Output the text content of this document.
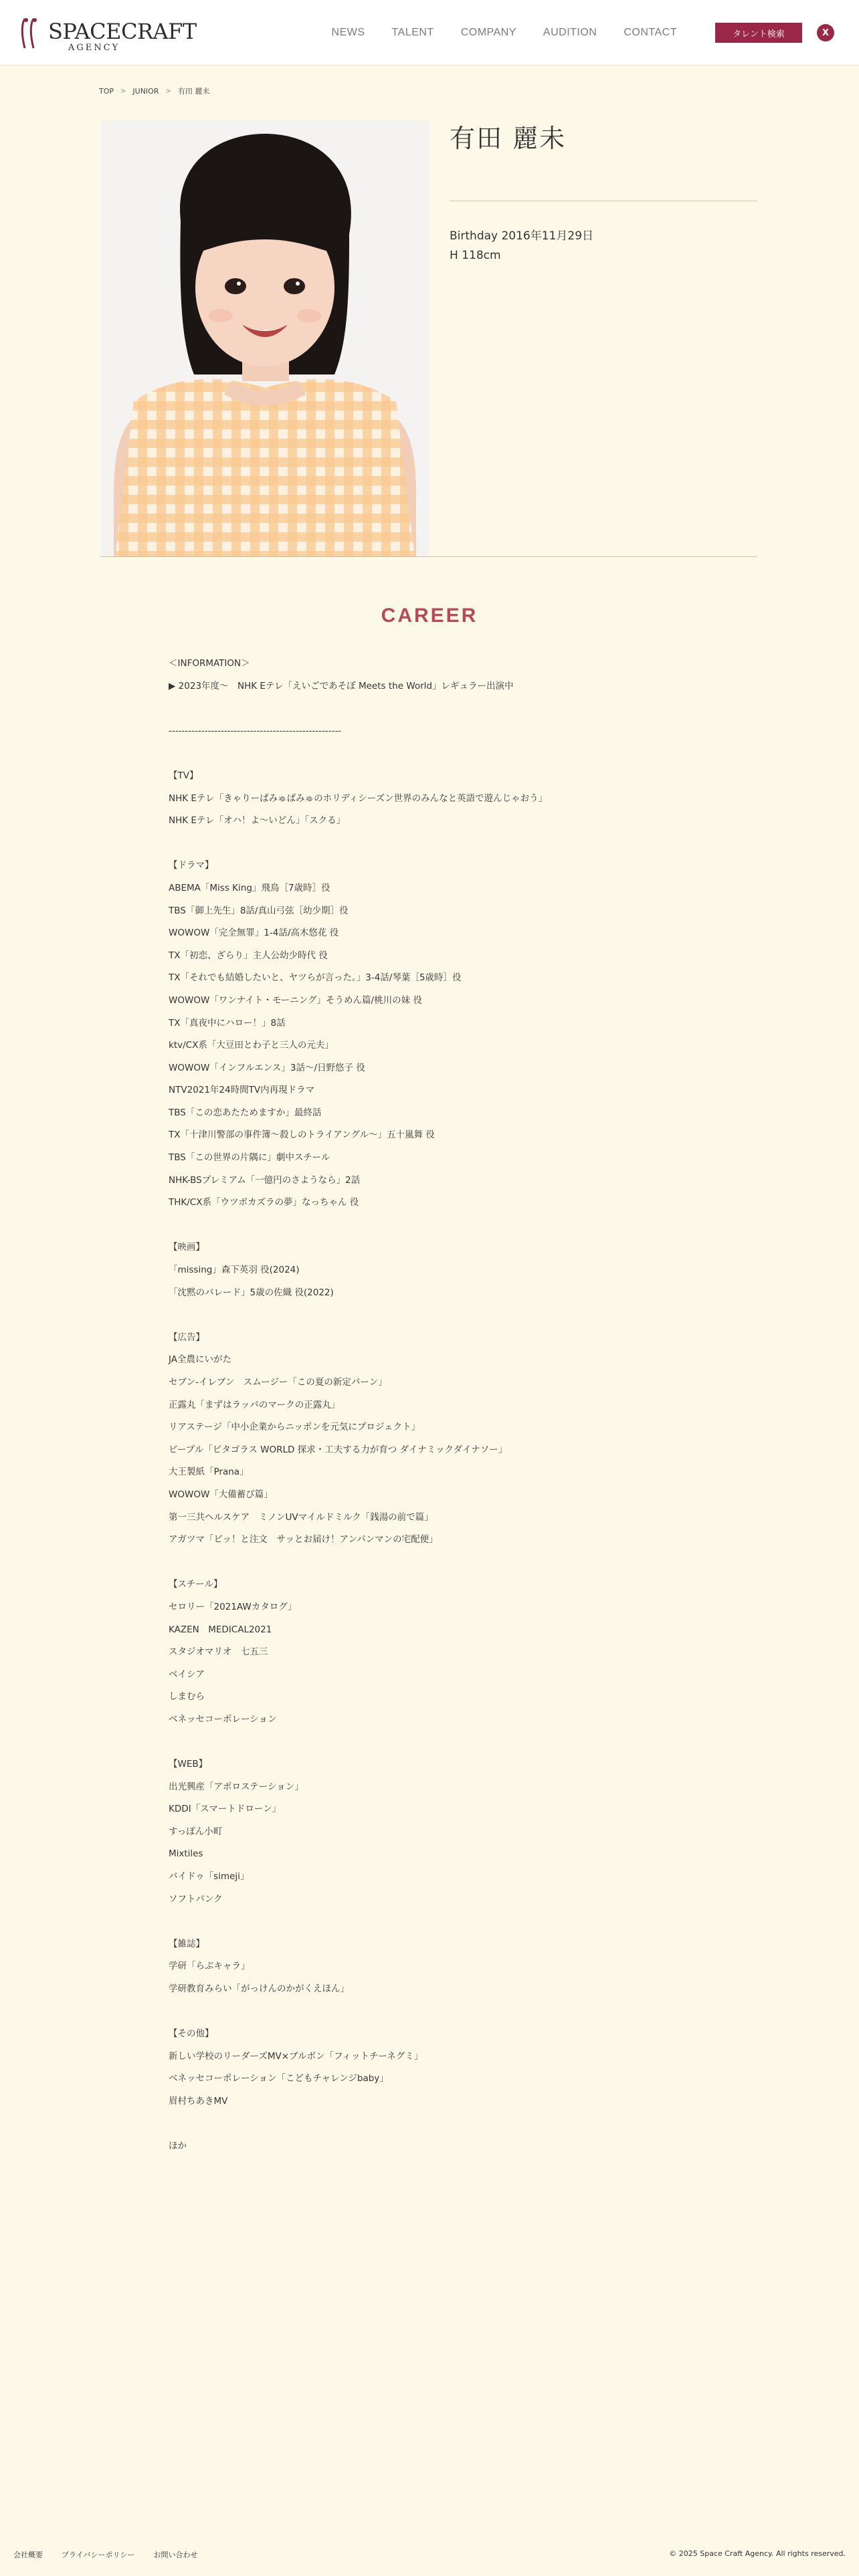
SPACECRAFT
AGENCY
NEWS	TALENT	COMPANY	AUDITION	CONTACT	タレント検索	X
TOP > JUNIOR > 有田 麗未
有田 麗未
Birthday 2016年11月29日
H 118cm
CAREER
＜INFORMATION＞
▶ 2023年度〜　NHK Eテレ「えいごであそぼ Meets the World」レギュラー出演中
-----------------------------------------------------
【TV】
NHK Eテレ「きゃりーぱみゅぱみゅのホリディシーズン世界のみんなと英語で遊んじゃおう」
NHK Eテレ「オハ！よ〜いどん」「スクる」
【ドラマ】
ABEMA「Miss King」飛鳥［7歳時］役
TBS「御上先生」8話/真山弓弦［幼少期］役
WOWOW「完全無罪」1-4話/高木悠花 役
TX「初恋、ざらり」主人公幼少時代 役
TX「それでも結婚したいと、ヤツらが言った。」3-4話/琴葉［5歳時］役
WOWOW「ワンナイト・モーニング」そうめん篇/桃川の妹 役
TX「真夜中にハロー！」8話
ktv/CX系「大豆田とわ子と三人の元夫」
WOWOW「インフルエンス」3話〜/日野悠子 役
NTV2021年24時間TV内再現ドラマ
TBS「この恋あたためますか」最終話
TX「十津川警部の事件簿〜殺しのトライアングル〜」五十嵐舞 役
TBS「この世界の片隅に」劇中スチール
NHK-BSプレミアム「一億円のさようなら」2話
THK/CX系「ウツボカズラの夢」なっちゃん 役
【映画】
「missing」森下英羽 役(2024)
「沈黙のパレード」5歳の佐織 役(2022)
【広告】
JA全農にいがた
セブン-イレブン　スムージー「この夏の新定バーン」
正露丸「まずはラッパのマークの正露丸」
リアステージ「中小企業からニッポンを元気にプロジェクト」
ピープル「ピタゴラス WORLD 探求・工夫する力が育つ ダイナミックダイナソー」
大王製紙「Prana」
WOWOW「大備蓄び篇」
第一三共ヘルスケア　ミノンUVマイルドミルク「銭湯の前で篇」
アガツマ「ピッ！と注文　サッとお届け！アンパンマンの宅配便」
【スチール】
セロリー「2021AWカタログ」
KAZEN　MEDICAL2021
スタジオマリオ　七五三
ベイシア
しまむら
ベネッセコーポレーション
【WEB】
出光興産「アポロステーション」
KDDI「スマートドローン」
すっぽん小町
Mixtiles
バイドゥ「simeji」
ソフトバンク
【雑誌】
学研「らぶキャラ」
学研教育みらい「がっけんのかがくえほん」
【その他】
新しい学校のリーダーズMV×ブルボン「フィットチーネグミ」
ベネッセコーポレーション「こどもチャレンジbaby」
眉村ちあきMV
ほか
会社概要	プライバシーポリシー	お問い合わせ	© 2025 Space Craft Agency. All rights reserved.
